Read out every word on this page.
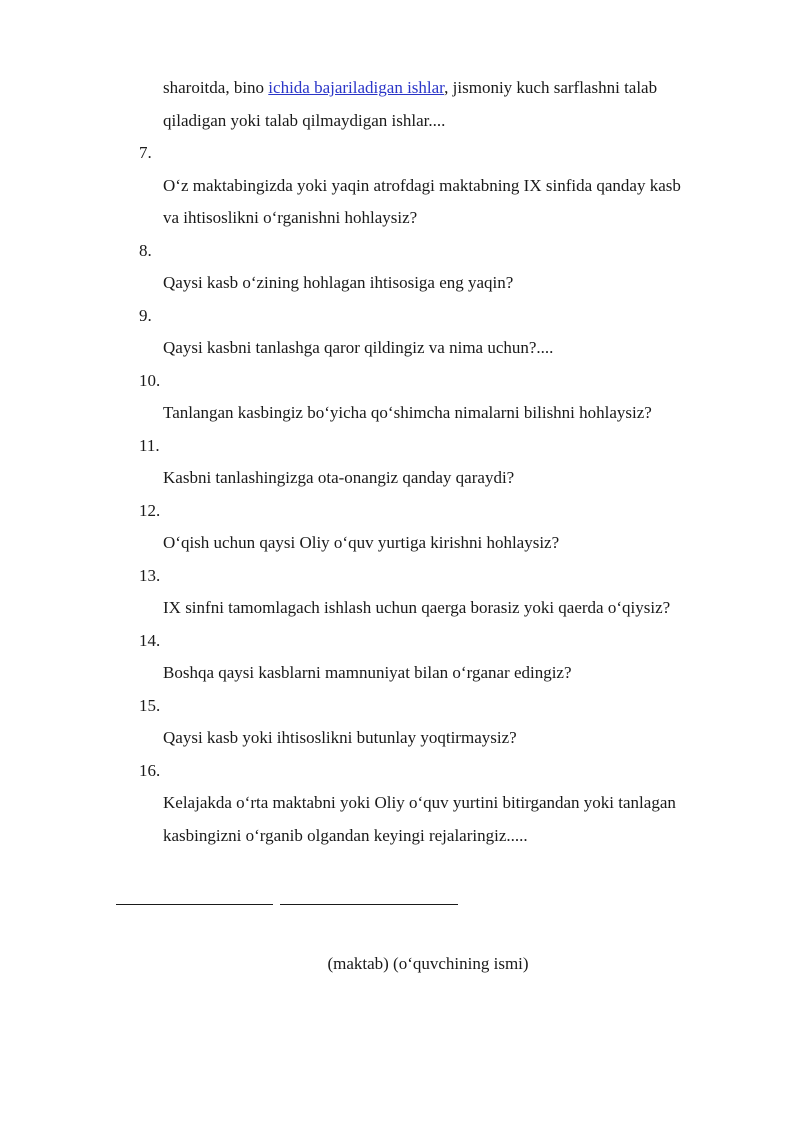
sharoitda, bino ichida bajariladigan ishlar, jismoniy kuch sarflashni talab
qiladigan yoki talab qilmaydigan ishlar....
7.
O‘z maktabingizda yoki yaqin atrofdagi maktabning IX sinfida qanday kasb
va ihtisoslikni o‘rganishni hohlaysiz?
8.
Qaysi kasb o‘zining hohlagan ihtisosiga eng yaqin?
9.
Qaysi kasbni tanlashga qaror qildingiz va nima uchun?....
10.
Tanlangan kasbingiz bo‘yicha qo‘shimcha nimalarni bilishni hohlaysiz?
11.
Kasbni tanlashingizga ota-onangiz qanday qaraydi?
12.
O‘qish uchun qaysi Oliy o‘quv yurtiga kirishni hohlaysiz?
13.
IX sinfni tamomlagach ishlash uchun qaerga borasiz yoki qaerda o‘qiysiz?
14.
Boshqa qaysi kasblarni mamnuniyat bilan o‘rganar edingiz?
15.
Qaysi kasb yoki ihtisoslikni butunlay yoqtirmaysiz?
16.
Kelajakda o‘rta maktabni yoki Oliy o‘quv yurtini bitirgandan yoki tanlagan
kasbingizni o‘rganib olgandan keyingi rejalaringiz.....
(maktab) (o‘quvchining ismi)
